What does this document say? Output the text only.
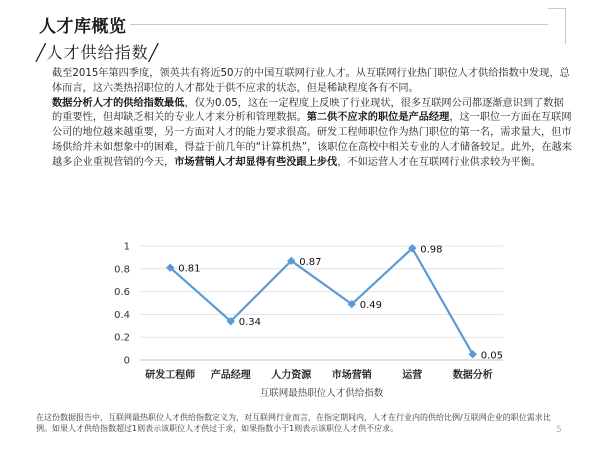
人才库概览
╱人才供给指数╱

截至2015年第四季度，领英共有将近50万的中国互联网行业人才。从互联网行业热门职位人才供给指数中发现，总体而言，这六类热招职位的人才都处于供不应求的状态，但是稀缺程度各有不同。

数据分析人才的供给指数最低，仅为0.05，这在一定程度上反映了行业现状，很多互联网公司都逐渐意识到了数据的重要性，但却缺乏相关的专业人才来分析和管理数据。第二供不应求的职位是产品经理，这一职位一方面在互联网公司的地位越来越重要，另一方面对人才的能力要求很高。研发工程师职位作为热门职位的第一名，需求量大，但市场供给并未如想象中的困难，得益于前几年的“计算机热”，该职位在高校中相关专业的人才储备较足。此外，在越来越多企业重视营销的今天，市场营销人才却显得有些没跟上步伐，不如运营人才在互联网行业供求较为平衡。

0
0.2
0.4
0.6
0.8
1
研发工程师 产品经理 人力资源 市场营销	运营	数据分析
互联网最热职位人才供给指数
0.81
0.34
0.87
0.49
0.98
0.05
在这份数据报告中，互联网最热职位人才供给指数定义为，对互联网行业而言，在指定期间内，人才在行业内的供给比例/互联网企业的职位需求比例。如果人才供给指数超过1则表示该职位人才供过于求，如果指数小于1则表示该职位人才供不应求。	5
